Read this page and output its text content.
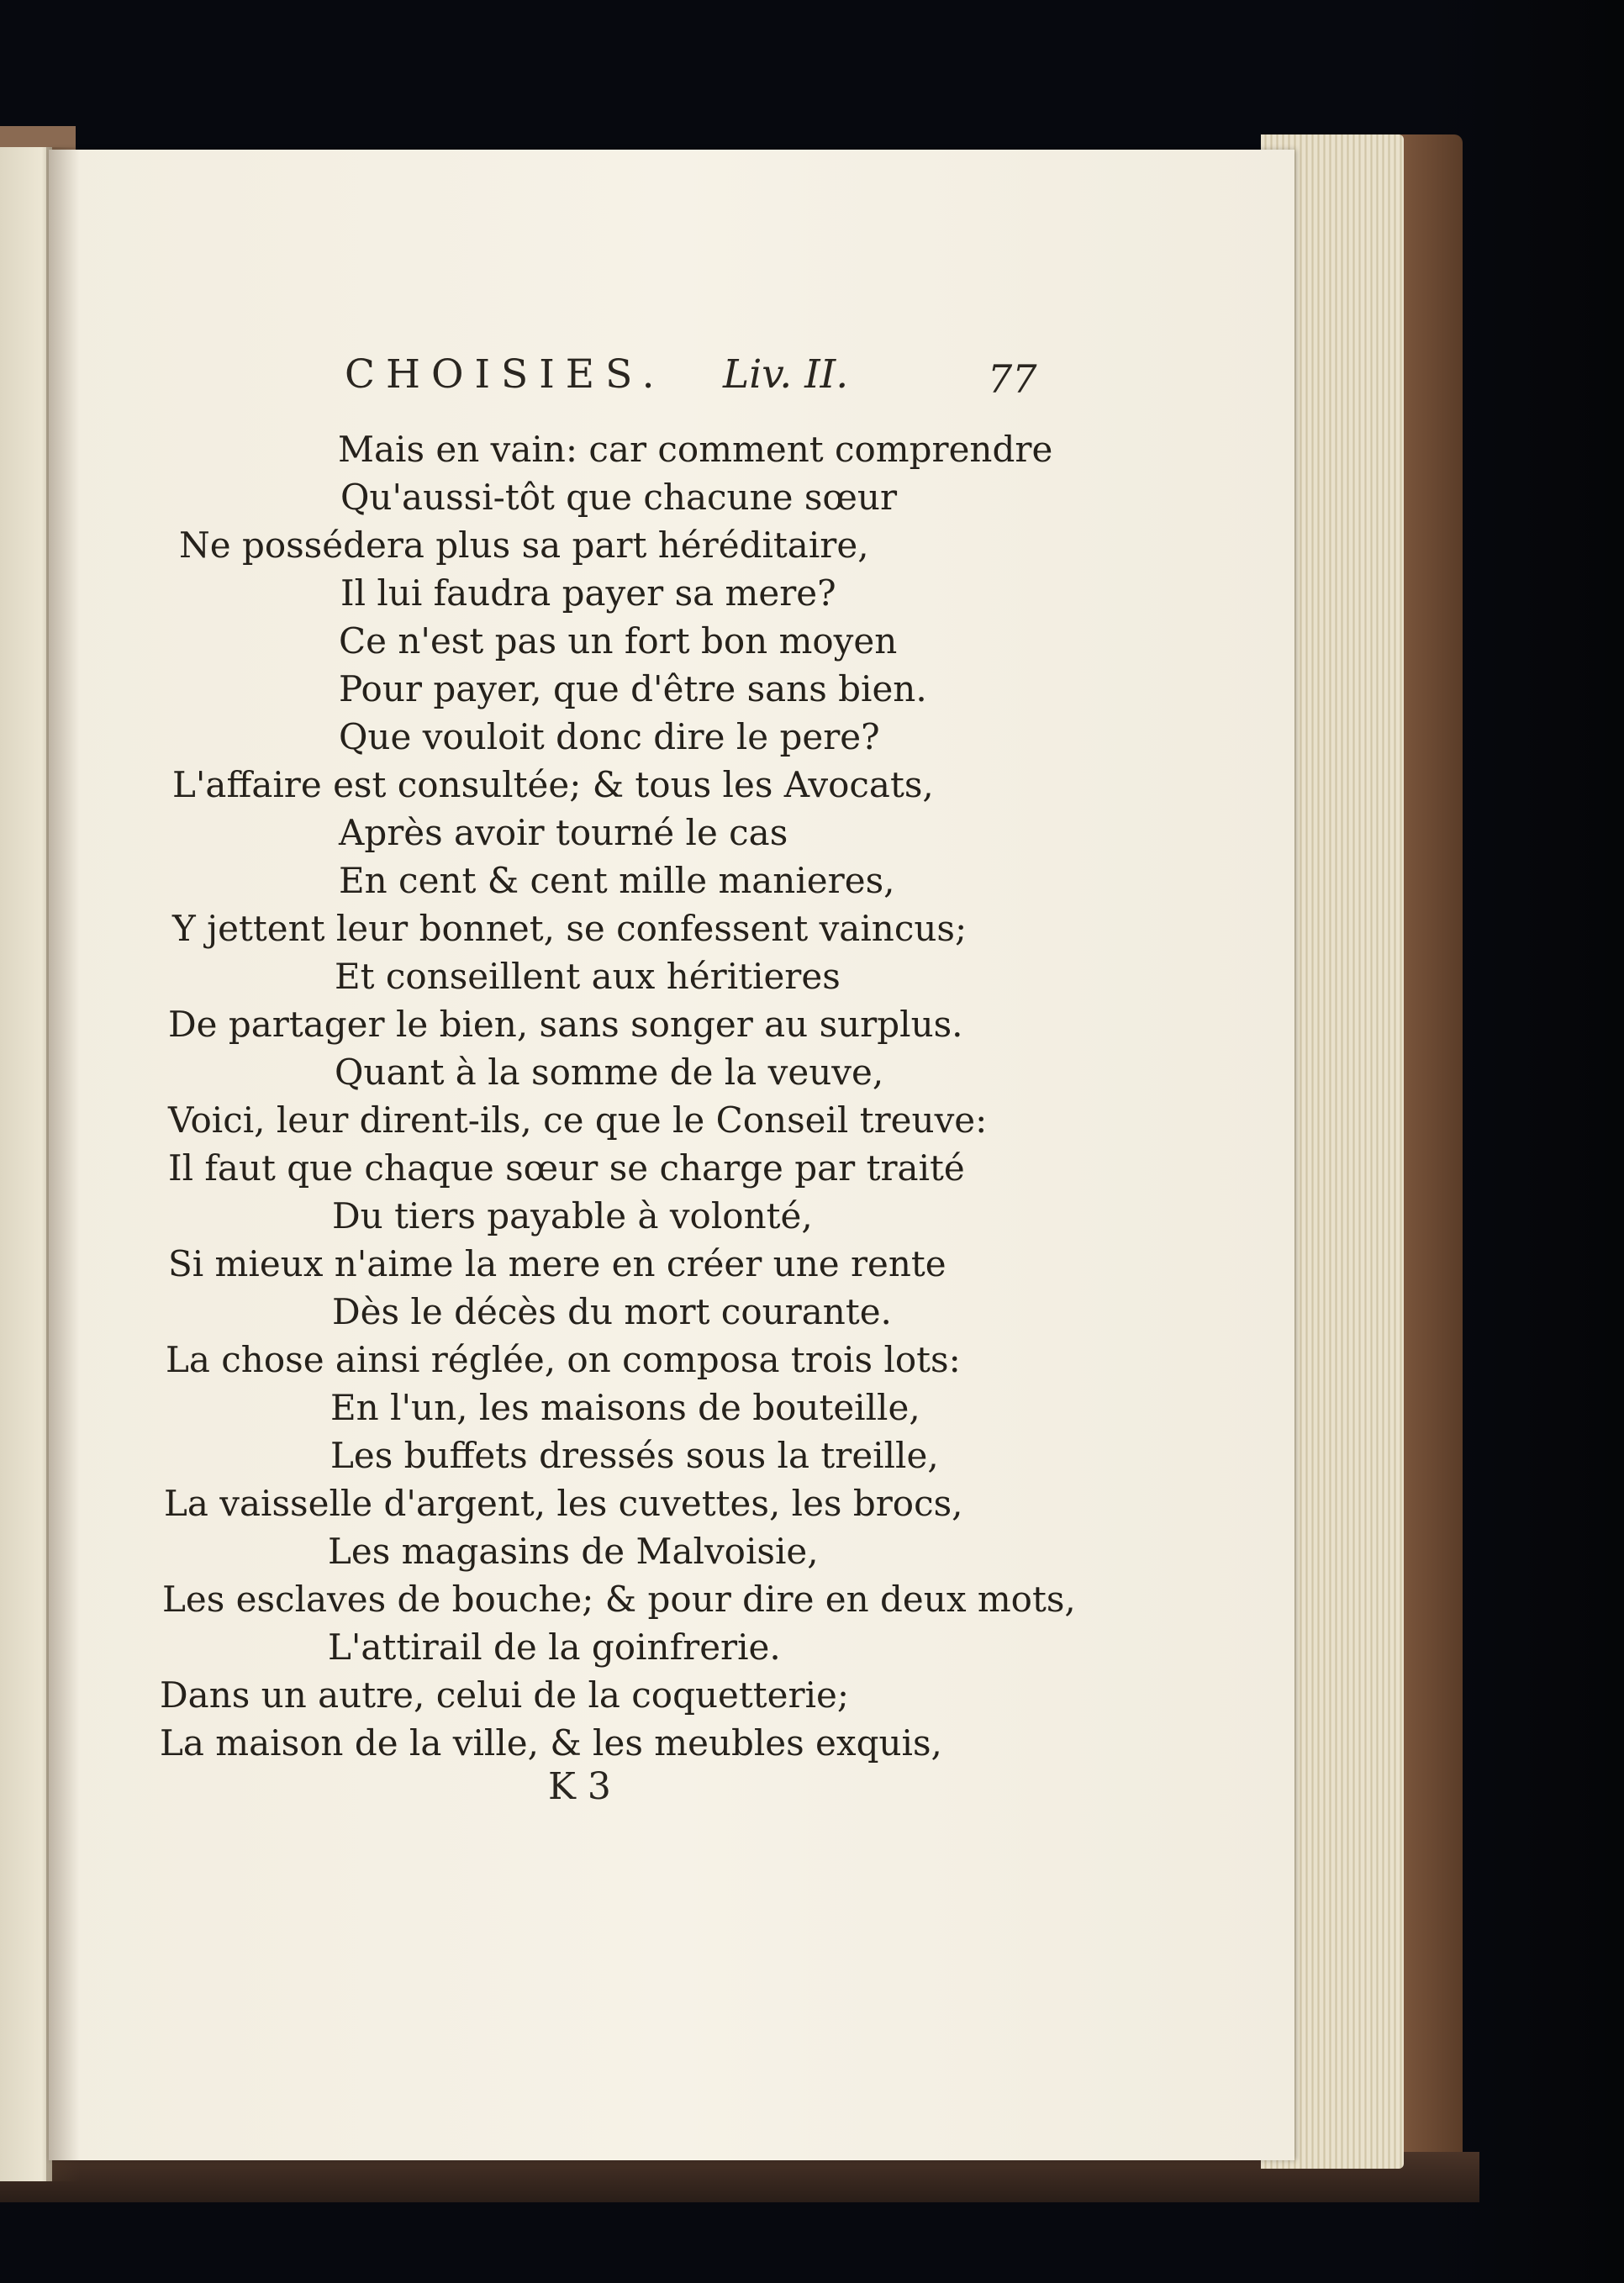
CHOISIES. Liv. II.	77
Mais en vain: car comment comprendre
Qu'aussi-tôt que chacune sœur
Ne possédera plus sa part héréditaire,
Il lui faudra payer sa mere?
Ce n'est pas un fort bon moyen
Pour payer, que d'être sans bien.
Que vouloit donc dire le pere?
L'affaire est consultée; & tous les Avocats,
Après avoir tourné le cas
En cent & cent mille manieres,
Y jettent leur bonnet, se confessent vaincus;
Et conseillent aux héritieres
De partager le bien, sans songer au surplus.
Quant à la somme de la veuve,
Voici, leur dirent-ils, ce que le Conseil treuve:
Il faut que chaque sœur se charge par traité
Du tiers payable à volonté,
Si mieux n'aime la mere en créer une rente
Dès le décès du mort courante.
La chose ainsi réglée, on composa trois lots:
En l'un, les maisons de bouteille,
Les buffets dressés sous la treille,
La vaisselle d'argent, les cuvettes, les brocs,
Les magasins de Malvoisie,
Les esclaves de bouche; & pour dire en deux mots,
L'attirail de la goinfrerie.
Dans un autre, celui de la coquetterie;
La maison de la ville, & les meubles exquis,
K 3
